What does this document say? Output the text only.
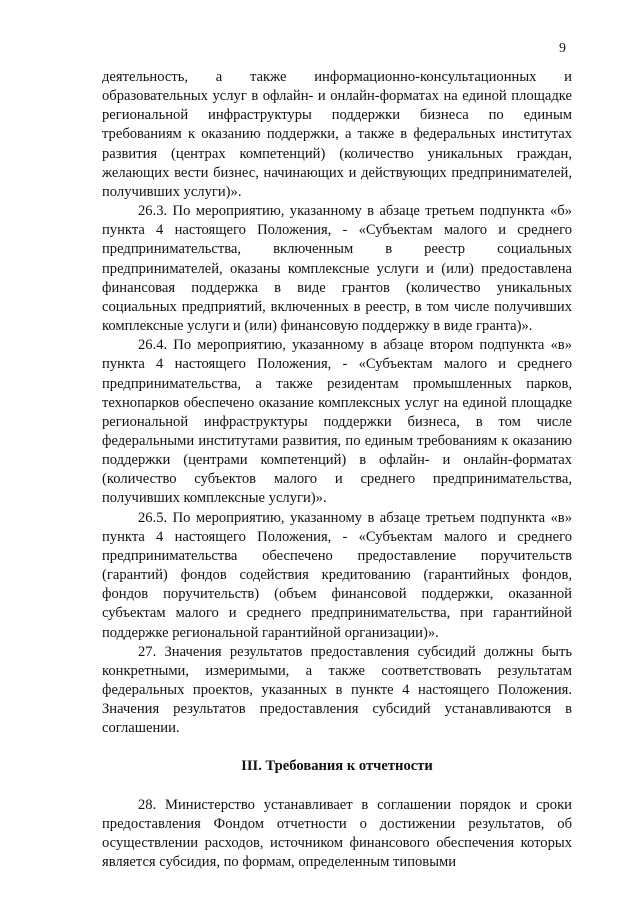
9

деятельность, а также информационно-консультационных и образовательных услуг в офлайн- и онлайн-форматах на единой площадке региональной инфраструктуры поддержки бизнеса по единым требованиям к оказанию поддержки, а также в федеральных институтах развития (центрах компетенций) (количество уникальных граждан, желающих вести бизнес, начинающих и действующих предпринимателей, получивших услуги)».

26.3. По мероприятию, указанному в абзаце третьем подпункта «б» пункта 4 настоящего Положения, - «Субъектам малого и среднего предпринимательства, включенным в реестр социальных предпринимателей, оказаны комплексные услуги и (или) предоставлена финансовая поддержка в виде грантов (количество уникальных социальных предприятий, включенных в реестр, в том числе получивших комплексные услуги и (или) финансовую поддержку в виде гранта)».

26.4. По мероприятию, указанному в абзаце втором подпункта «в» пункта 4 настоящего Положения, - «Субъектам малого и среднего предпринимательства, а также резидентам промышленных парков, технопарков обеспечено оказание комплексных услуг на единой площадке региональной инфраструктуры поддержки бизнеса, в том числе федеральными институтами развития, по единым требованиям к оказанию поддержки (центрами компетенций) в офлайн- и онлайн-форматах (количество субъектов малого и среднего предпринимательства, получивших комплексные услуги)».

26.5. По мероприятию, указанному в абзаце третьем подпункта «в» пункта 4 настоящего Положения, - «Субъектам малого и среднего предпринимательства обеспечено предоставление поручительств (гарантий) фондов содействия кредитованию (гарантийных фондов, фондов поручительств) (объем финансовой поддержки, оказанной субъектам малого и среднего предпринимательства, при гарантийной поддержке региональной гарантийной организации)».

27. Значения результатов предоставления субсидий должны быть конкретными, измеримыми, а также соответствовать результатам федеральных проектов, указанных в пункте 4 настоящего Положения. Значения результатов предоставления субсидий устанавливаются в соглашении.

III. Требования к отчетности

28. Министерство устанавливает в соглашении порядок и сроки предоставления Фондом отчетности о достижении результатов, об осуществлении расходов, источником финансового обеспечения которых является субсидия, по формам, определенным типовыми
